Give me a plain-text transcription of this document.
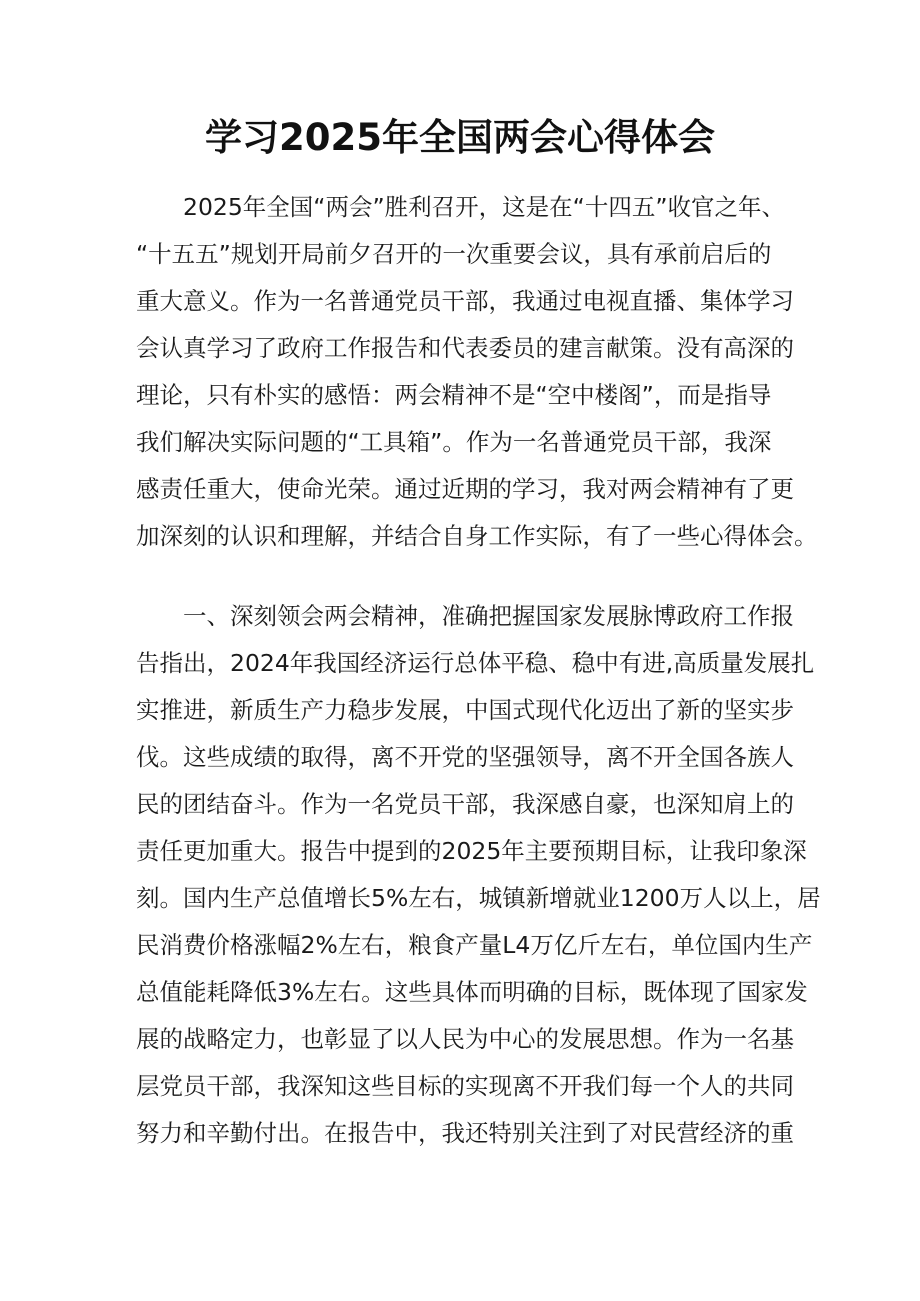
学习2025年全国两会心得体会
2025年全国“两会”胜利召开，这是在“十四五”收官之年、
“十五五”规划开局前夕召开的一次重要会议，具有承前启后的
重大意义。作为一名普通党员干部，我通过电视直播、集体学习
会认真学习了政府工作报告和代表委员的建言献策。没有高深的
理论，只有朴实的感悟：两会精神不是“空中楼阁”，而是指导
我们解决实际问题的“工具箱”。作为一名普通党员干部，我深
感责任重大，使命光荣。通过近期的学习，我对两会精神有了更
加深刻的认识和理解，并结合自身工作实际，有了一些心得体会。
一、深刻领会两会精神，准确把握国家发展脉博政府工作报
告指出，2024年我国经济运行总体平稳、稳中有进,高质量发展扎
实推进，新质生产力稳步发展，中国式现代化迈出了新的坚实步
伐。这些成绩的取得，离不开党的坚强领导，离不开全国各族人
民的团结奋斗。作为一名党员干部，我深感自豪，也深知肩上的
责任更加重大。报告中提到的2025年主要预期目标，让我印象深
刻。国内生产总值增长5%左右，城镇新增就业1200万人以上，居
民消费价格涨幅2%左右，粮食产量L4万亿斤左右，单位国内生产
总值能耗降低3%左右。这些具体而明确的目标，既体现了国家发
展的战略定力，也彰显了以人民为中心的发展思想。作为一名基
层党员干部，我深知这些目标的实现离不开我们每一个人的共同
努力和辛勤付出。在报告中，我还特别关注到了对民营经济的重
